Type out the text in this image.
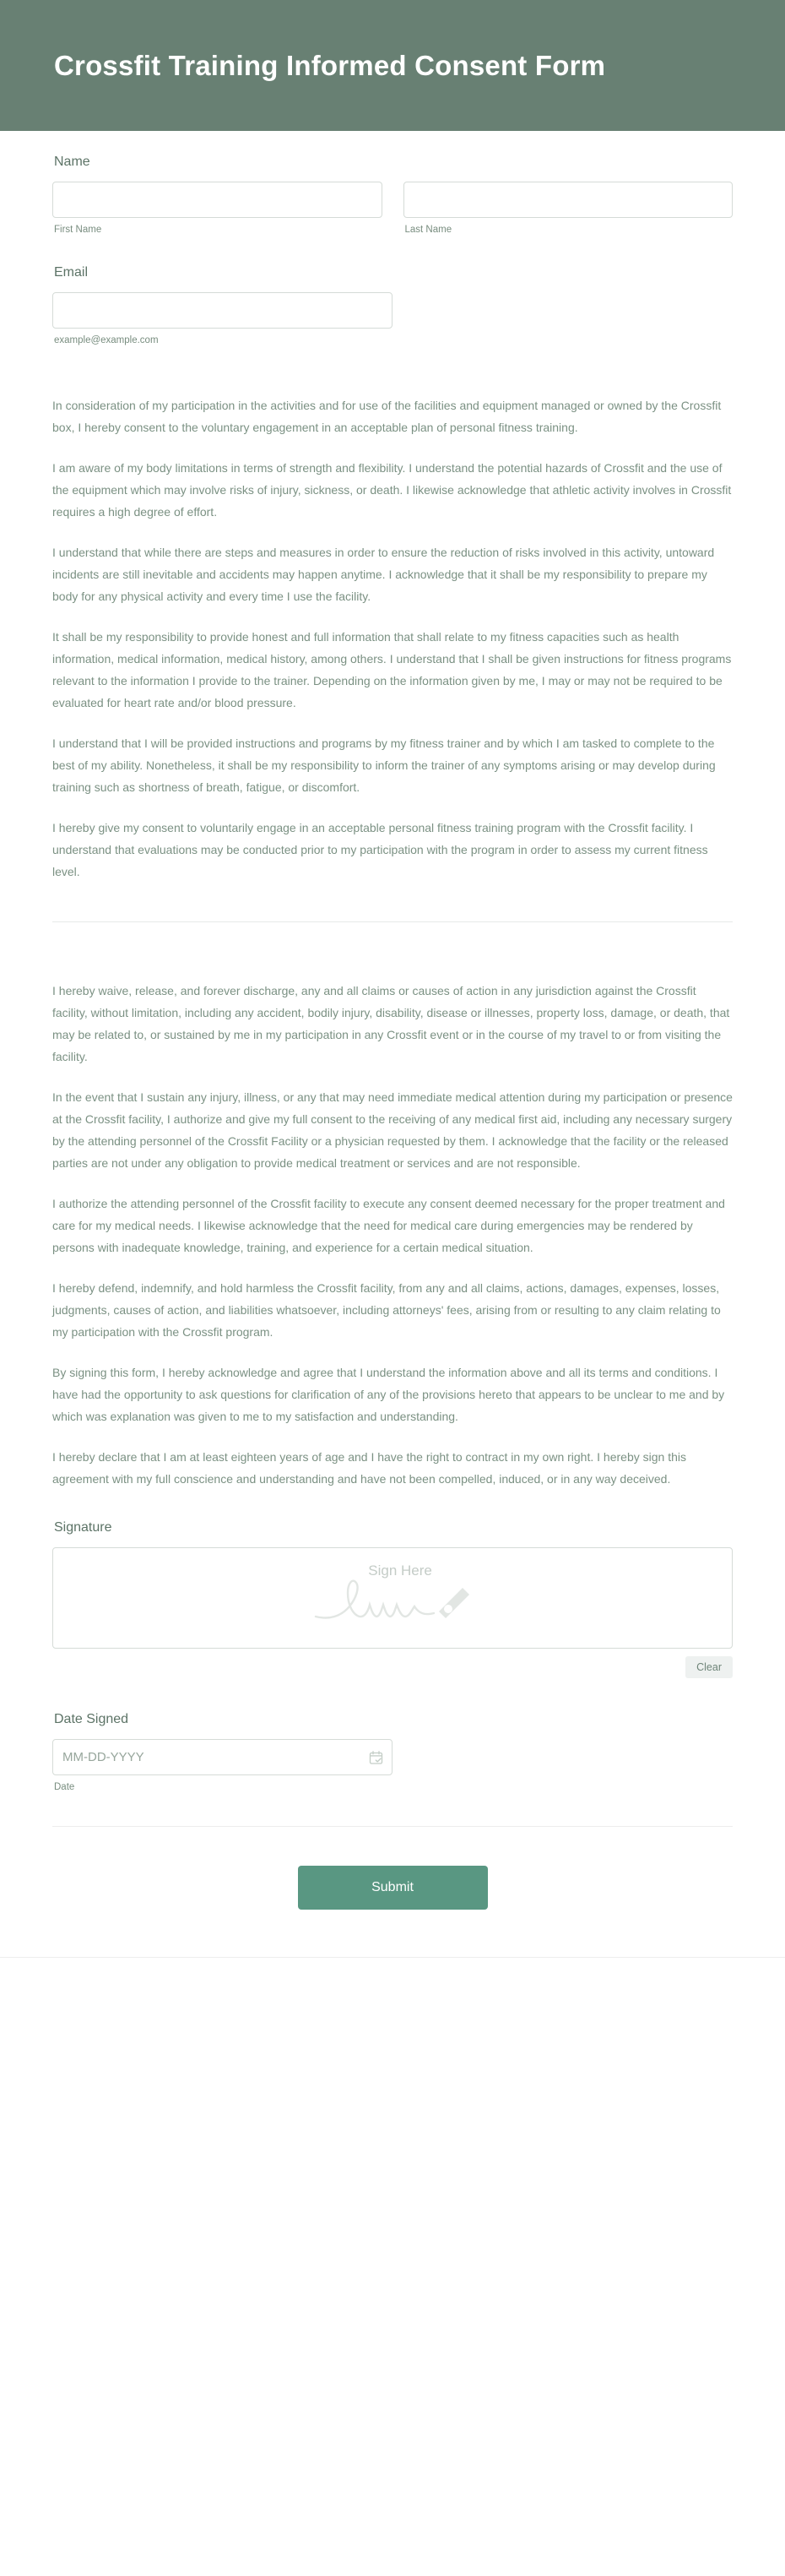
Crossfit Training Informed Consent Form
Name
First Name	Last Name
Email
example@example.com

In consideration of my participation in the activities and for use of the facilities and equipment managed or owned by the Crossfit box, I hereby consent to the voluntary engagement in an acceptable plan of personal fitness training.

I am aware of my body limitations in terms of strength and flexibility. I understand the potential hazards of Crossfit and the use of the equipment which may involve risks of injury, sickness, or death. I likewise acknowledge that athletic activity involves in Crossfit requires a high degree of effort.

I understand that while there are steps and measures in order to ensure the reduction of risks involved in this activity, untoward incidents are still inevitable and accidents may happen anytime. I acknowledge that it shall be my responsibility to prepare my body for any physical activity and every time I use the facility.

It shall be my responsibility to provide honest and full information that shall relate to my fitness capacities such as health information, medical information, medical history, among others. I understand that I shall be given instructions for fitness programs relevant to the information I provide to the trainer. Depending on the information given by me, I may or may not be required to be evaluated for heart rate and/or blood pressure.

I understand that I will be provided instructions and programs by my fitness trainer and by which I am tasked to complete to the best of my ability. Nonetheless, it shall be my responsibility to inform the trainer of any symptoms arising or may develop during training such as shortness of breath, fatigue, or discomfort.

I hereby give my consent to voluntarily engage in an acceptable personal fitness training program with the Crossfit facility. I understand that evaluations may be conducted prior to my participation with the program in order to assess my current fitness level.

I hereby waive, release, and forever discharge, any and all claims or causes of action in any jurisdiction against the Crossfit facility, without limitation, including any accident, bodily injury, disability, disease or illnesses, property loss, damage, or death, that may be related to, or sustained by me in my participation in any Crossfit event or in the course of my travel to or from visiting the facility.

In the event that I sustain any injury, illness, or any that may need immediate medical attention during my participation or presence at the Crossfit facility, I authorize and give my full consent to the receiving of any medical first aid, including any necessary surgery by the attending personnel of the Crossfit Facility or a physician requested by them. I acknowledge that the facility or the released parties are not under any obligation to provide medical treatment or services and are not responsible.

I authorize the attending personnel of the Crossfit facility to execute any consent deemed necessary for the proper treatment and care for my medical needs. I likewise acknowledge that the need for medical care during emergencies may be rendered by persons with inadequate knowledge, training, and experience for a certain medical situation.

I hereby defend, indemnify, and hold harmless the Crossfit facility, from any and all claims, actions, damages, expenses, losses, judgments, causes of action, and liabilities whatsoever, including attorneys' fees, arising from or resulting to any claim relating to my participation with the Crossfit program.

By signing this form, I hereby acknowledge and agree that I understand the information above and all its terms and conditions. I have had the opportunity to ask questions for clarification of any of the provisions hereto that appears to be unclear to me and by which was explanation was given to me to my satisfaction and understanding.

I hereby declare that I am at least eighteen years of age and I have the right to contract in my own right. I hereby sign this agreement with my full conscience and understanding and have not been compelled, induced, or in any way deceived.

Signature
Sign Here
Clear
Date Signed
MM-DD-YYYY
Date
Submit
